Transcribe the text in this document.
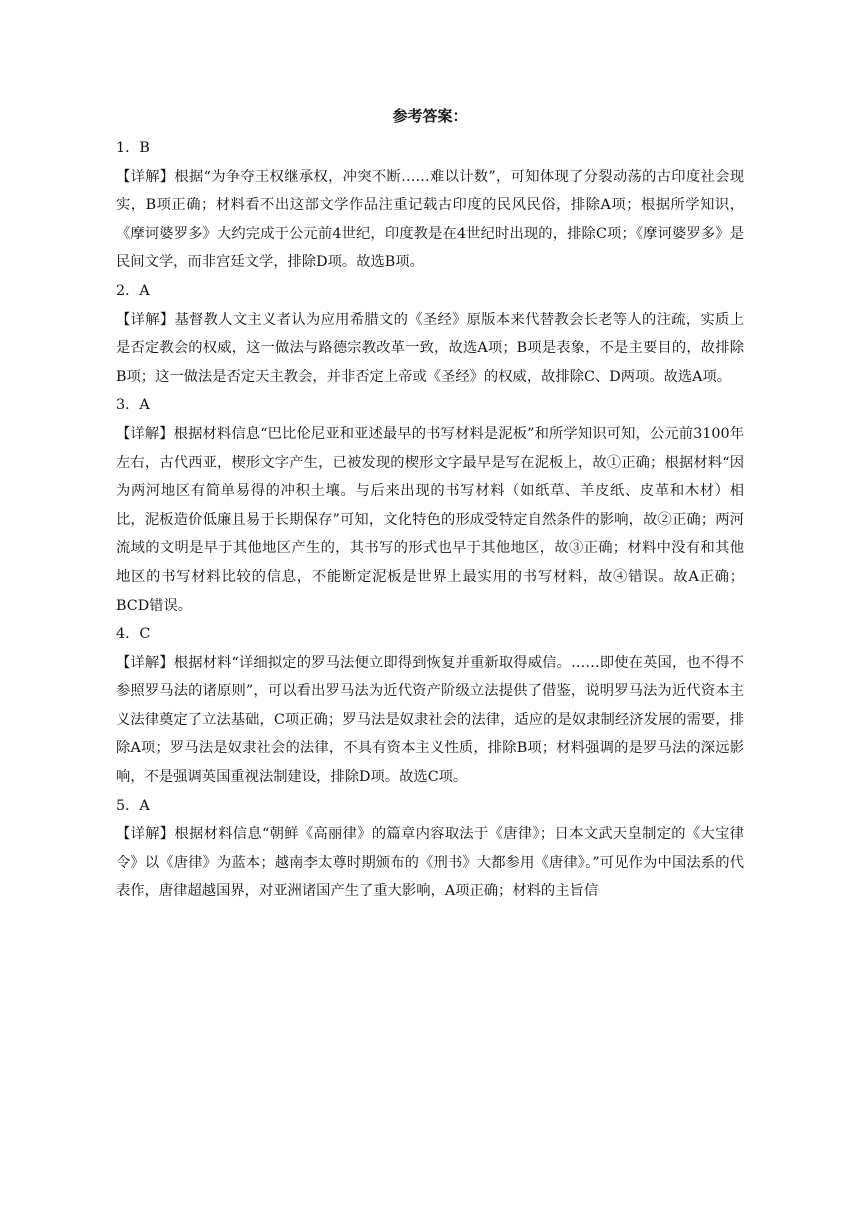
参考答案：

1．B

【详解】根据“为争夺王权继承权，冲突不断……难以计数”，可知体现了分裂动荡的古印度社会现实，B项正确；材料看不出这部文学作品注重记载古印度的民风民俗，排除A项；根据所学知识，《摩诃婆罗多》大约完成于公元前4世纪，印度教是在4世纪时出现的，排除C项；《摩诃婆罗多》是民间文学，而非宫廷文学，排除D项。故选B项。

2．A

【详解】基督教人文主义者认为应用希腊文的《圣经》原版本来代替教会长老等人的注疏，实质上是否定教会的权威，这一做法与路德宗教改革一致，故选A项；B项是表象，不是主要目的，故排除B项；这一做法是否定天主教会，并非否定上帝或《圣经》的权威，故排除C、D两项。故选A项。

3．A

【详解】根据材料信息“巴比伦尼亚和亚述最早的书写材料是泥板”和所学知识可知，公元前3100年左右，古代西亚，楔形文字产生，已被发现的楔形文字最早是写在泥板上，故①正确；根据材料“因为两河地区有简单易得的冲积土壤。与后来出现的书写材料（如纸草、羊皮纸、皮革和木材）相比，泥板造价低廉且易于长期保存”可知，文化特色的形成受特定自然条件的影响，故②正确；两河流域的文明是早于其他地区产生的，其书写的形式也早于其他地区，故③正确；材料中没有和其他地区的书写材料比较的信息，不能断定泥板是世界上最实用的书写材料，故④错误。故A正确；BCD错误。

4．C

【详解】根据材料“详细拟定的罗马法便立即得到恢复并重新取得威信。……即使在英国，也不得不参照罗马法的诸原则”，可以看出罗马法为近代资产阶级立法提供了借鉴，说明罗马法为近代资本主义法律奠定了立法基础，C项正确；罗马法是奴隶社会的法律，适应的是奴隶制经济发展的需要，排除A项；罗马法是奴隶社会的法律，不具有资本主义性质，排除B项；材料强调的是罗马法的深远影响，不是强调英国重视法制建设，排除D项。故选C项。

5．A

【详解】根据材料信息“朝鲜《高丽律》的篇章内容取法于《唐律》；日本文武天皇制定的《大宝律令》以《唐律》为蓝本；越南李太尊时期颁布的《刑书》大都参用《唐律》。”可见作为中国法系的代表作，唐律超越国界，对亚洲诸国产生了重大影响，A项正确；材料的主旨信
